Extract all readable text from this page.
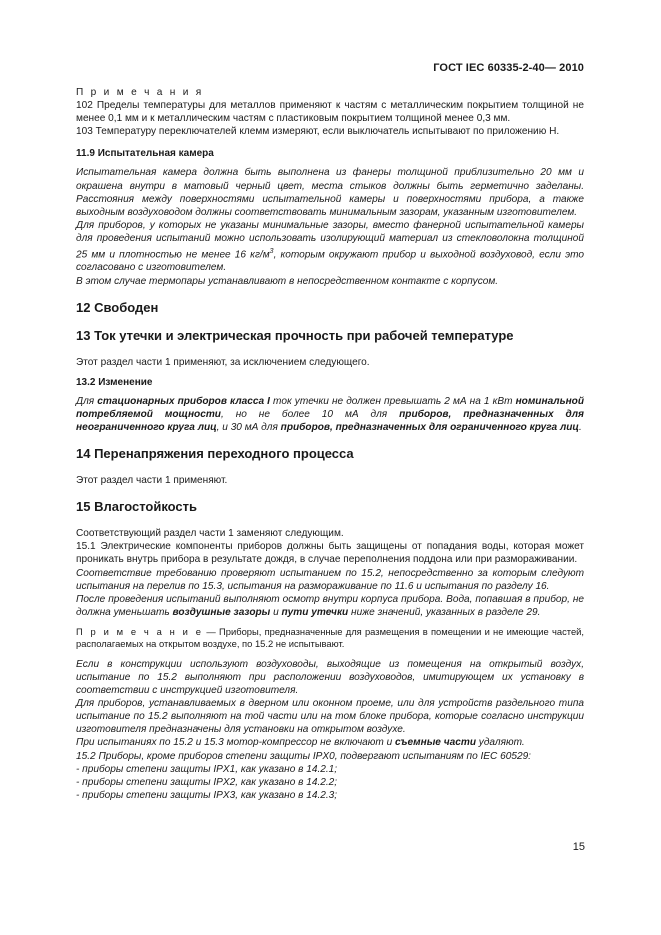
ГОСТ IEC 60335-2-40— 2010

П р и м е ч а н и я

102 Пределы температуры для металлов применяют к частям с металлическим покрытием толщиной не менее 0,1 мм и к металлическим частям с пластиковым покрытием толщиной менее 0,3 мм.

103 Температуру переключателей клемм измеряют, если выключатель испытывают по приложению Н.

11.9 Испытательная камера

Испытательная камера должна быть выполнена из фанеры толщиной приблизительно 20 мм и окрашена внутри в матовый черный цвет, места стыков должны быть герметично заделаны. Расстояния между поверхностями испытательной камеры и поверхностями прибора, а также выходным воздуховодом должны соответствовать минимальным зазорам, указанным изготовителем.

Для приборов, у которых не указаны минимальные зазоры, вместо фанерной испытательной камеры для проведения испытаний можно использовать изолирующий материал из стекловолокна толщиной 25 мм и плотностью не менее 16 $кг/м^3$, которым окружают прибор и выходной воздуховод, если это согласовано с изготовителем.

В этом случае термопары устанавливают в непосредственном контакте с корпусом.

12 Свободен

13 Ток утечки и электрическая прочность при рабочей температуре

Этот раздел части 1 применяют, за исключением следующего.

13.2 Изменение

Для стационарных приборов класса I ток утечки не должен превышать 2 мА на 1 кВт номинальной потребляемой мощности, но не более 10 мА для приборов, предназначенных для неограниченного круга лиц, и 30 мА для приборов, предназначенных для ограниченного круга лиц.

14 Перенапряжения переходного процесса

Этот раздел части 1 применяют.

15 Влагостойкость

Соответствующий раздел части 1 заменяют следующим.

15.1 Электрические компоненты приборов должны быть защищены от попадания воды, которая может проникать внутрь прибора в результате дождя, в случае переполнения поддона или при размораживании.

Соответствие требованию проверяют испытанием по 15.2, непосредственно за которым следуют испытания на перелив по 15.3, испытания на размораживание по 11.6 и испытания по разделу 16.

После проведения испытаний выполняют осмотр внутри корпуса прибора. Вода, попавшая в прибор, не должна уменьшать воздушные зазоры и пути утечки ниже значений, указанных в разделе 29.

П р и м е ч а н и е — Приборы, предназначенные для размещения в помещении и не имеющие частей, располагаемых на открытом воздухе, по 15.2 не испытывают.

Если в конструкции используют воздуховоды, выходящие из помещения на открытый воздух, испытание по 15.2 выполняют при расположении воздуховодов, имитирующем их установку в соответствии с инструкцией изготовителя.

Для приборов, устанавливаемых в дверном или оконном проеме, или для устройств раздельного типа испытание по 15.2 выполняют на той части или на том блоке прибора, которые согласно инструкции изготовителя предназначены для установки на открытом воздухе.

При испытаниях по 15.2 и 15.3 мотор-компрессор не включают и съемные части удаляют.

15.2 Приборы, кроме приборов степени защиты IPX0, подвергают испытаниям по IEC 60529:

- приборы степени защиты IPX1, как указано в 14.2.1;

- приборы степени защиты IPX2, как указано в 14.2.2;

- приборы степени защиты IPX3, как указано в 14.2.3;

15
